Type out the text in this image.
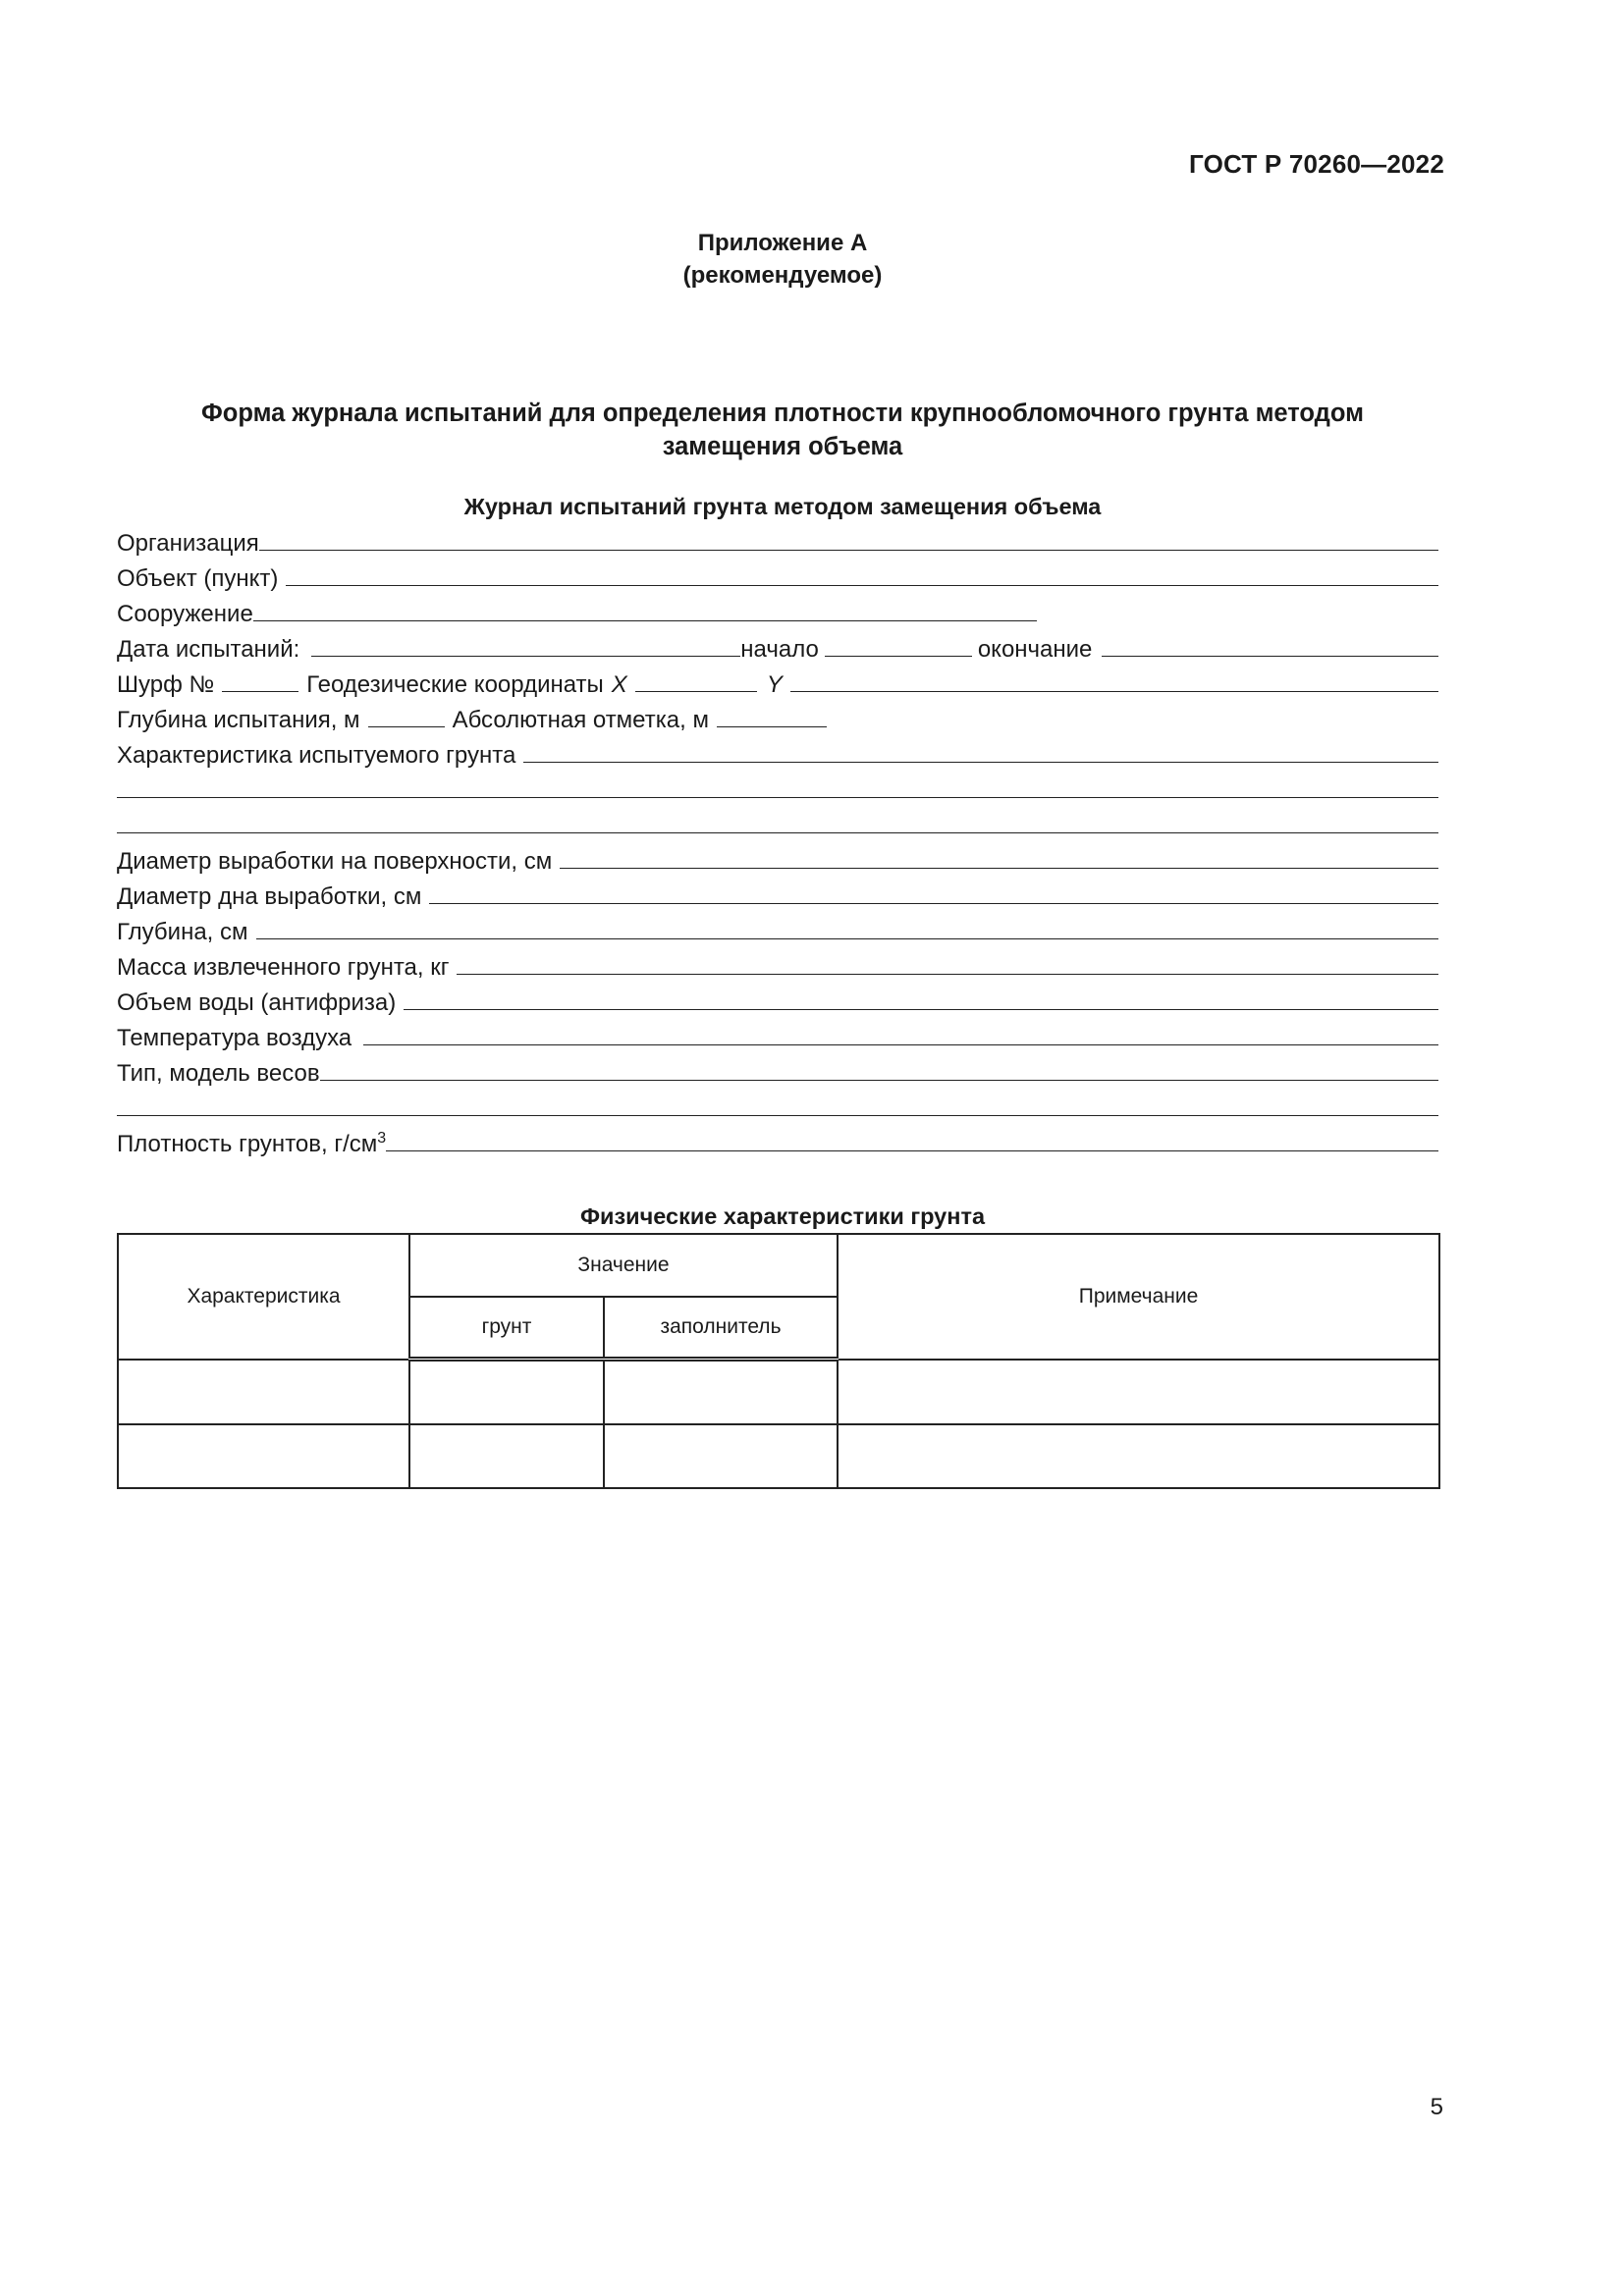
ГОСТ Р 70260—2022
Приложение А
(рекомендуемое)
Форма журнала испытаний для определения плотности крупнообломочного грунта методом
замещения объема
Журнал испытаний грунта методом замещения объема
Организация
Объект (пункт)
Сооружение
Дата испытаний:	начало	окончание
Шурф №	Геодезические координаты X	Y
Глубина испытания, м	Абсолютная отметка, м
Характеристика испытуемого грунта
Диаметр выработки на поверхности, см
Диаметр дна выработки, см
Глубина, см
Масса извлеченного грунта, кг
Объем воды (антифриза)
Температура воздуха
Тип, модель весов
Плотность грунтов, $г/см^3$
Физические характеристики грунта
Характеристика	Значение		Примечание
	грунт	заполнитель	

5
